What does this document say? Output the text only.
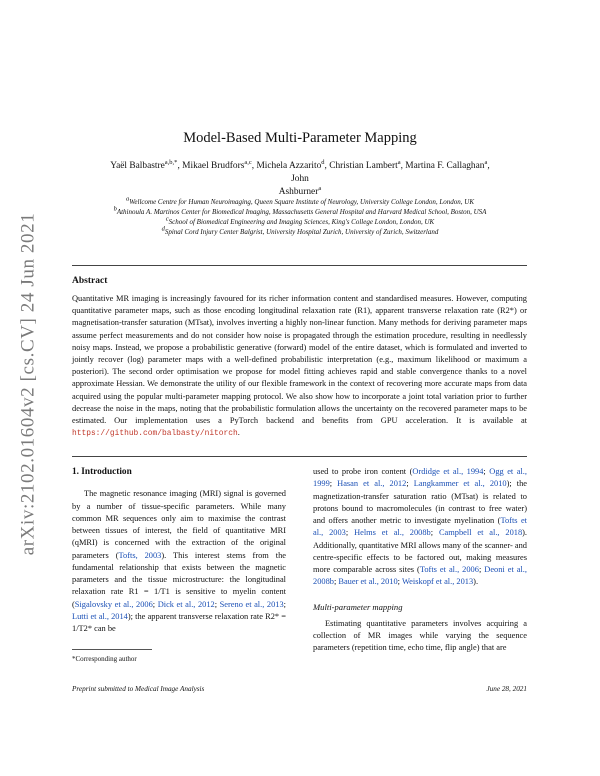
arXiv:2102.01604v2 [cs.CV] 24 Jun 2021
Model-Based Multi-Parameter Mapping
Yaël Balbastre$^{a,b,*}$, Mikael Brudfors$^{a,c}$, Michela Azzarito$^d$, Christian Lambert$^a$, Martina F. Callaghan$^a$, John
Ashburner$^a$
$^a$Wellcome Centre for Human Neuroimaging, Queen Square Institute of Neurology, University College London, London, UK
$^b$Athinoula A. Martinos Center for Biomedical Imaging, Massachusetts General Hospital and Harvard Medical School, Boston, USA
$^c$School of Biomedical Engineering and Imaging Sciences, King's College London, London, UK
$^d$Spinal Cord Injury Center Balgrist, University Hospital Zurich, University of Zurich, Switzerland
Abstract
Quantitative MR imaging is increasingly favoured for its richer information content and standardised measures. However, computing quantitative parameter maps, such as those encoding longitudinal relaxation rate (R1), apparent transverse relaxation rate (R2*) or magnetisation-transfer saturation (MTsat), involves inverting a highly non-linear function. Many methods for deriving parameter maps assume perfect measurements and do not consider how noise is propagated through the estimation procedure, resulting in needlessly noisy maps. Instead, we propose a probabilistic generative (forward) model of the entire dataset, which is formulated and inverted to jointly recover (log) parameter maps with a well-defined probabilistic interpretation (e.g., maximum likelihood or maximum a posteriori). The second order optimisation we propose for model fitting achieves rapid and stable convergence thanks to a novel approximate Hessian. We demonstrate the utility of our flexible framework in the context of recovering more accurate maps from data acquired using the popular multi-parameter mapping protocol. We also show how to incorporate a joint total variation prior to further decrease the noise in the maps, noting that the probabilistic formulation allows the uncertainty on the recovered parameter maps to be estimated. Our implementation uses a PyTorch backend and benefits from GPU acceleration. It is available at https://github.com/balbasty/nitorch.
1. Introduction

The magnetic resonance imaging (MRI) signal is governed by a number of tissue-specific parameters. While many common MR sequences only aim to maximise the contrast between tissues of interest, the field of quantitative MRI (qMRI) is concerned with the extraction of the original parameters (Tofts, 2003). This interest stems from the fundamental relationship that exists between the magnetic parameters and the tissue microstructure: the longitudinal relaxation rate R1 = 1/T1 is sensitive to myelin content (Sigalovsky et al., 2006; Dick et al., 2012; Sereno et al., 2013; Lutti et al., 2014); the apparent transverse relaxation rate R2* = 1/T2* can be

used to probe iron content (Ordidge et al., 1994; Ogg et al., 1999; Hasan et al., 2012; Langkammer et al., 2010); the magnetization-transfer saturation ratio (MTsat) is related to protons bound to macromolecules (in contrast to free water) and offers another metric to investigate myelination (Tofts et al., 2003; Helms et al., 2008b; Campbell et al., 2018). Additionally, quantitative MRI allows many of the scanner- and centre-specific effects to be factored out, making measures more comparable across sites (Tofts et al., 2006; Deoni et al., 2008b; Bauer et al., 2010; Weiskopf et al., 2013).

Multi-parameter mapping

Estimating quantitative parameters involves acquiring a collection of MR images while varying the sequence parameters (repetition time, echo time, flip angle) that are

*Corresponding author
Preprint submitted to Medical Image Analysis	June 28, 2021
